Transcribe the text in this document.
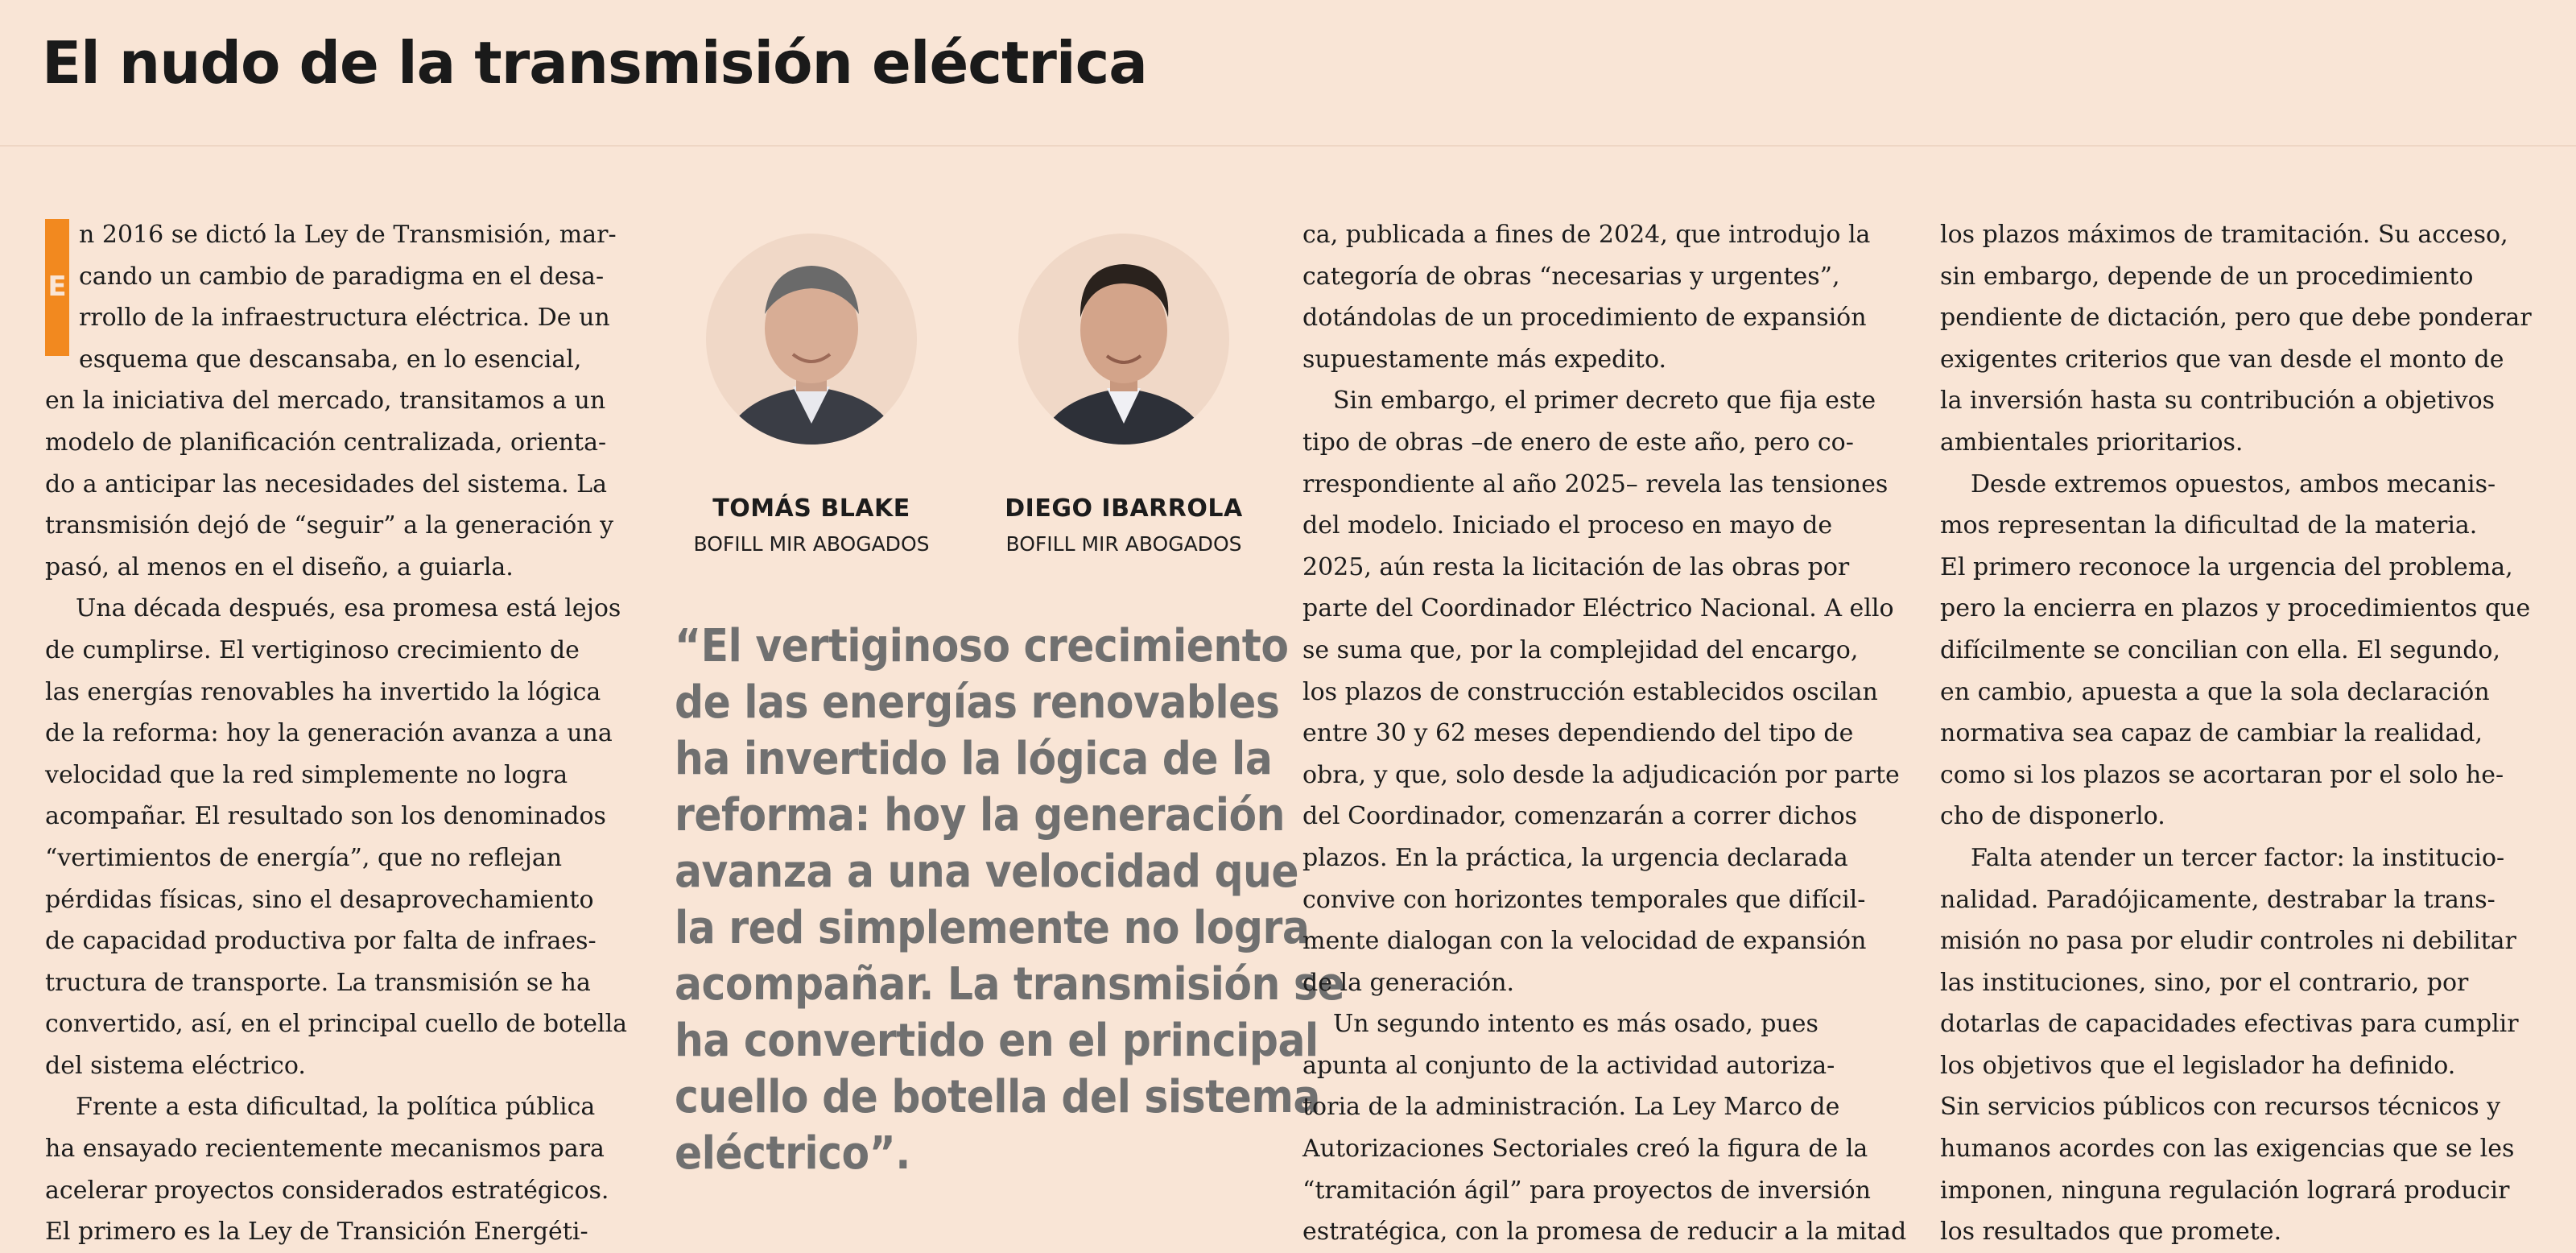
El nudo de la transmisión eléctrica

E
n 2016 se dictó la Ley de Transmisión, mar-
cando un cambio de paradigma en el desa-
rrollo de la infraestructura eléctrica. De un
esquema que descansaba, en lo esencial,
en la iniciativa del mercado, transitamos a un
modelo de planificación centralizada, orienta-
do a anticipar las necesidades del sistema. La
transmisión dejó de “seguir” a la generación y
pasó, al menos en el diseño, a guiarla.

Una década después, esa promesa está lejos
de cumplirse. El vertiginoso crecimiento de
las energías renovables ha invertido la lógica
de la reforma: hoy la generación avanza a una
velocidad que la red simplemente no logra
acompañar. El resultado son los denominados
“vertimientos de energía”, que no reflejan
pérdidas físicas, sino el desaprovechamiento
de capacidad productiva por falta de infraes-
tructura de transporte. La transmisión se ha
convertido, así, en el principal cuello de botella
del sistema eléctrico.

Frente a esta dificultad, la política pública
ha ensayado recientemente mecanismos para
acelerar proyectos considerados estratégicos.
El primero es la Ley de Transición Energéti-

TOMÁS BLAKE
BOFILL MIR ABOGADOS
DIEGO IBARROLA
BOFILL MIR ABOGADOS
“El vertiginoso crecimiento
de las energías renovables
ha invertido la lógica de la
reforma: hoy la generación
avanza a una velocidad que
la red simplemente no logra
acompañar. La transmisión se
ha convertido en el principal
cuello de botella del sistema
eléctrico”.

ca, publicada a fines de 2024, que introdujo la
categoría de obras “necesarias y urgentes”,
dotándolas de un procedimiento de expansión
supuestamente más expedito.

Sin embargo, el primer decreto que fija este
tipo de obras –de enero de este año, pero co-
rrespondiente al año 2025– revela las tensiones
del modelo. Iniciado el proceso en mayo de
2025, aún resta la licitación de las obras por
parte del Coordinador Eléctrico Nacional. A ello
se suma que, por la complejidad del encargo,
los plazos de construcción establecidos oscilan
entre 30 y 62 meses dependiendo del tipo de
obra, y que, solo desde la adjudicación por parte
del Coordinador, comenzarán a correr dichos
plazos. En la práctica, la urgencia declarada
convive con horizontes temporales que difícil-
mente dialogan con la velocidad de expansión
de la generación.

Un segundo intento es más osado, pues
apunta al conjunto de la actividad autoriza-
toria de la administración. La Ley Marco de
Autorizaciones Sectoriales creó la figura de la
“tramitación ágil” para proyectos de inversión
estratégica, con la promesa de reducir a la mitad

los plazos máximos de tramitación. Su acceso,
sin embargo, depende de un procedimiento
pendiente de dictación, pero que debe ponderar
exigentes criterios que van desde el monto de
la inversión hasta su contribución a objetivos
ambientales prioritarios.

Desde extremos opuestos, ambos mecanis-
mos representan la dificultad de la materia.
El primero reconoce la urgencia del problema,
pero la encierra en plazos y procedimientos que
difícilmente se concilian con ella. El segundo,
en cambio, apuesta a que la sola declaración
normativa sea capaz de cambiar la realidad,
como si los plazos se acortaran por el solo he-
cho de disponerlo.

Falta atender un tercer factor: la institucio-
nalidad. Paradójicamente, destrabar la trans-
misión no pasa por eludir controles ni debilitar
las instituciones, sino, por el contrario, por
dotarlas de capacidades efectivas para cumplir
los objetivos que el legislador ha definido.
Sin servicios públicos con recursos técnicos y
humanos acordes con las exigencias que se les
imponen, ninguna regulación logrará producir
los resultados que promete.
